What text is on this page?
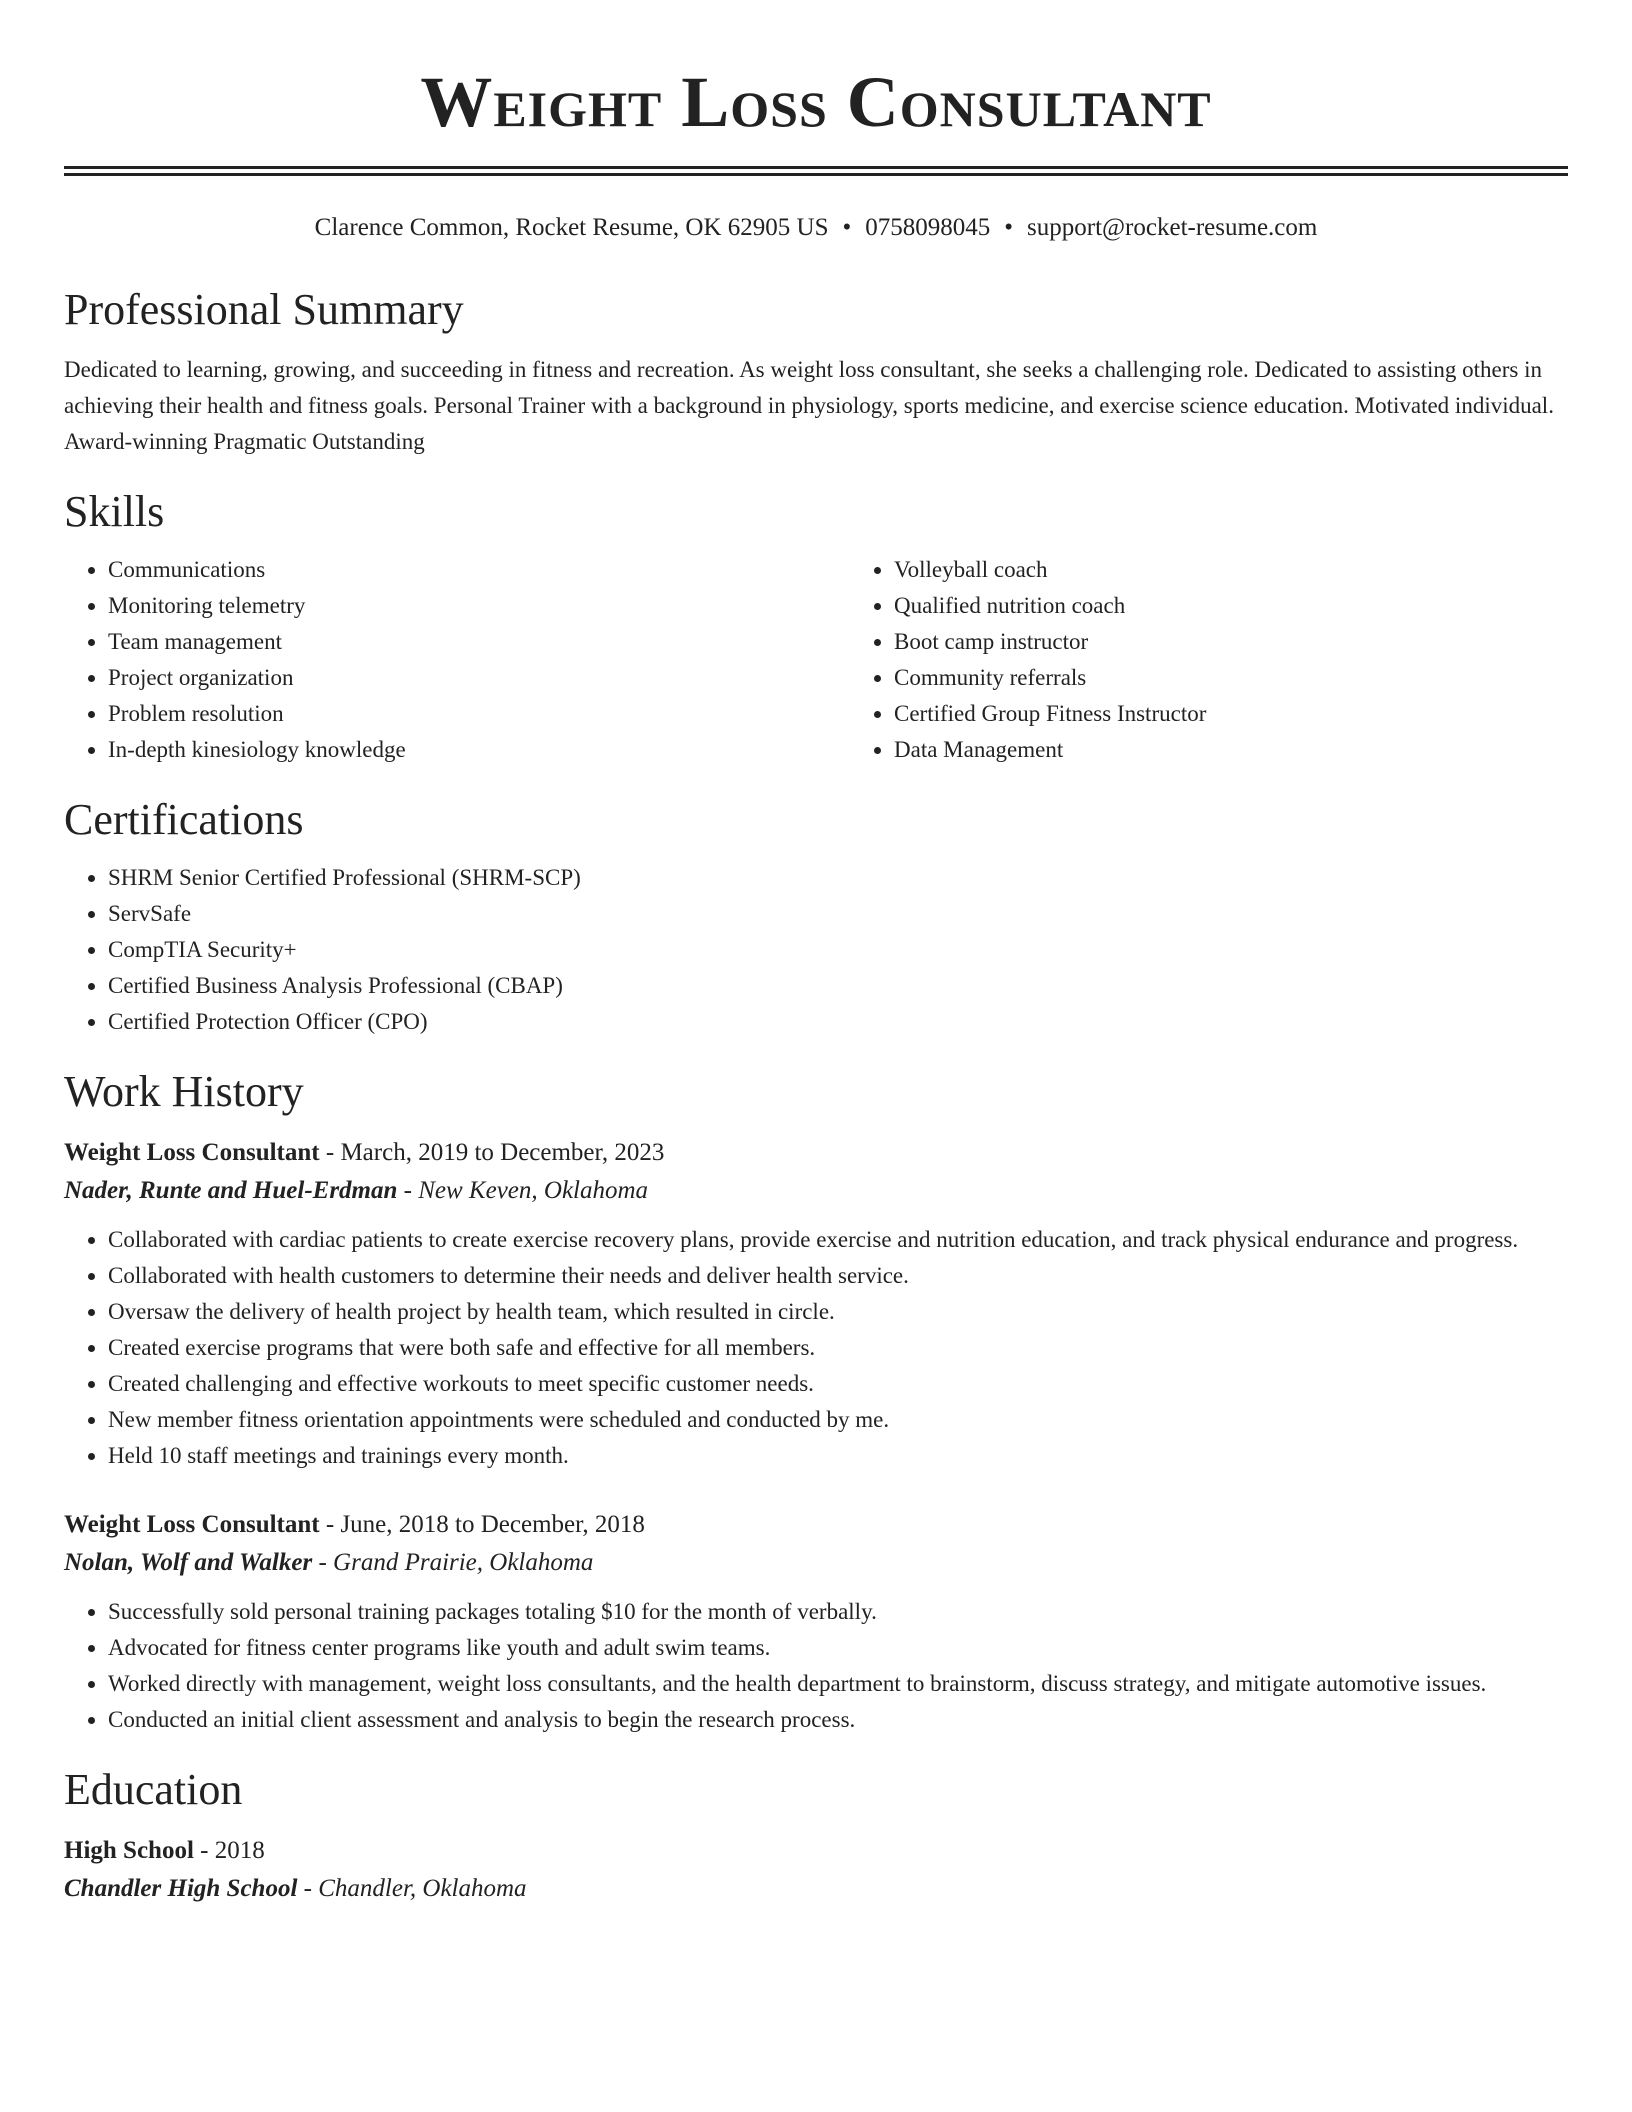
Weight Loss Consultant
Clarence Common, Rocket Resume, OK 62905 US • 0758098045 • support@rocket-resume.com
Professional Summary
Dedicated to learning, growing, and succeeding in fitness and recreation. As weight loss consultant, she seeks a challenging role. Dedicated to assisting others in achieving their health and fitness goals. Personal Trainer with a background in physiology, sports medicine, and exercise science education. Motivated individual. Award-winning Pragmatic Outstanding
Skills
• Communications
• Monitoring telemetry
• Team management
• Project organization
• Problem resolution
• In-depth kinesiology knowledge
• Volleyball coach
• Qualified nutrition coach
• Boot camp instructor
• Community referrals
• Certified Group Fitness Instructor
• Data Management
Certifications
• SHRM Senior Certified Professional (SHRM-SCP)
• ServSafe
• CompTIA Security+
• Certified Business Analysis Professional (CBAP)
• Certified Protection Officer (CPO)
Work History
Weight Loss Consultant - March, 2019 to December, 2023
Nader, Runte and Huel-Erdman - New Keven, Oklahoma
• Collaborated with cardiac patients to create exercise recovery plans, provide exercise and nutrition education, and track physical endurance and progress.
• Collaborated with health customers to determine their needs and deliver health service.
• Oversaw the delivery of health project by health team, which resulted in circle.
• Created exercise programs that were both safe and effective for all members.
• Created challenging and effective workouts to meet specific customer needs.
• New member fitness orientation appointments were scheduled and conducted by me.
• Held 10 staff meetings and trainings every month.
Weight Loss Consultant - June, 2018 to December, 2018
Nolan, Wolf and Walker - Grand Prairie, Oklahoma
• Successfully sold personal training packages totaling $10 for the month of verbally.
• Advocated for fitness center programs like youth and adult swim teams.
• Worked directly with management, weight loss consultants, and the health department to brainstorm, discuss strategy, and mitigate automotive issues.
• Conducted an initial client assessment and analysis to begin the research process.
Education
High School - 2018
Chandler High School - Chandler, Oklahoma
